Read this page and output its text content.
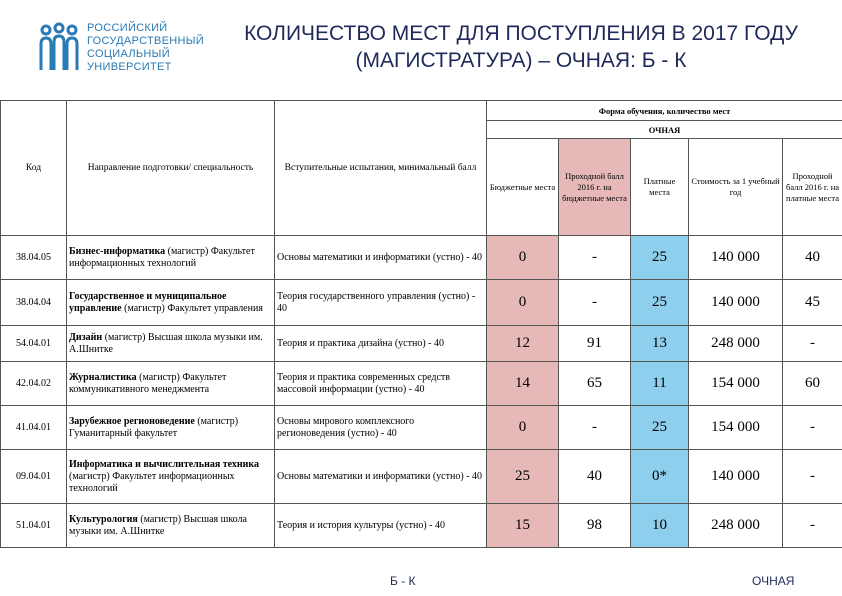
РОССИЙСКИЙ
ГОСУДАРСТВЕННЫЙ
СОЦИАЛЬНЫЙ
УНИВЕРСИТЕТ
КОЛИЧЕСТВО МЕСТ ДЛЯ ПОСТУПЛЕНИЯ В 2017 ГОДУ
(МАГИСТРАТУРА) – ОЧНАЯ: Б - К
Код	Направление подготовки/ специальность	Вступительные испытания, минимальный балл	Форма обучения, количество мест				
			ОЧНАЯ				
			Бюджетные места	Проходной балл 2016 г. на бюджетные места	Платные места	Стоимость за 1 учебный год	Проходной балл 2016 г. на платные места
38.04.05	Бизнес-информатика (магистр) Факультет информационных технологий	Основы математики и информатики (устно) - 40	0	-	25	140 000	40
38.04.04	Государственное и муниципальное управление (магистр) Факультет управления	Теория государственного управления (устно) - 40	0	-	25	140 000	45
54.04.01	Дизайн (магистр) Высшая школа музыки им. А.Шнитке	Теория и практика дизайна (устно) - 40	12	91	13	248 000	-
42.04.02	Журналистика (магистр) Факультет коммуникативного менеджмента	Теория и практика современных средств массовой информации (устно) - 40	14	65	11	154 000	60
41.04.01	Зарубежное регионоведение (магистр) Гуманитарный факультет	Основы мирового комплексного регионоведения (устно) - 40	0	-	25	154 000	-
09.04.01	Информатика и вычислительная техника (магистр) Факультет информационных технологий	Основы математики и информатики (устно) - 40	25	40	0*	140 000	-
51.04.01	Культурология (магистр) Высшая школа музыки им. А.Шнитке	Теория и история культуры (устно) - 40	15	98	10	248 000	-
Б - К	ОЧНАЯ
